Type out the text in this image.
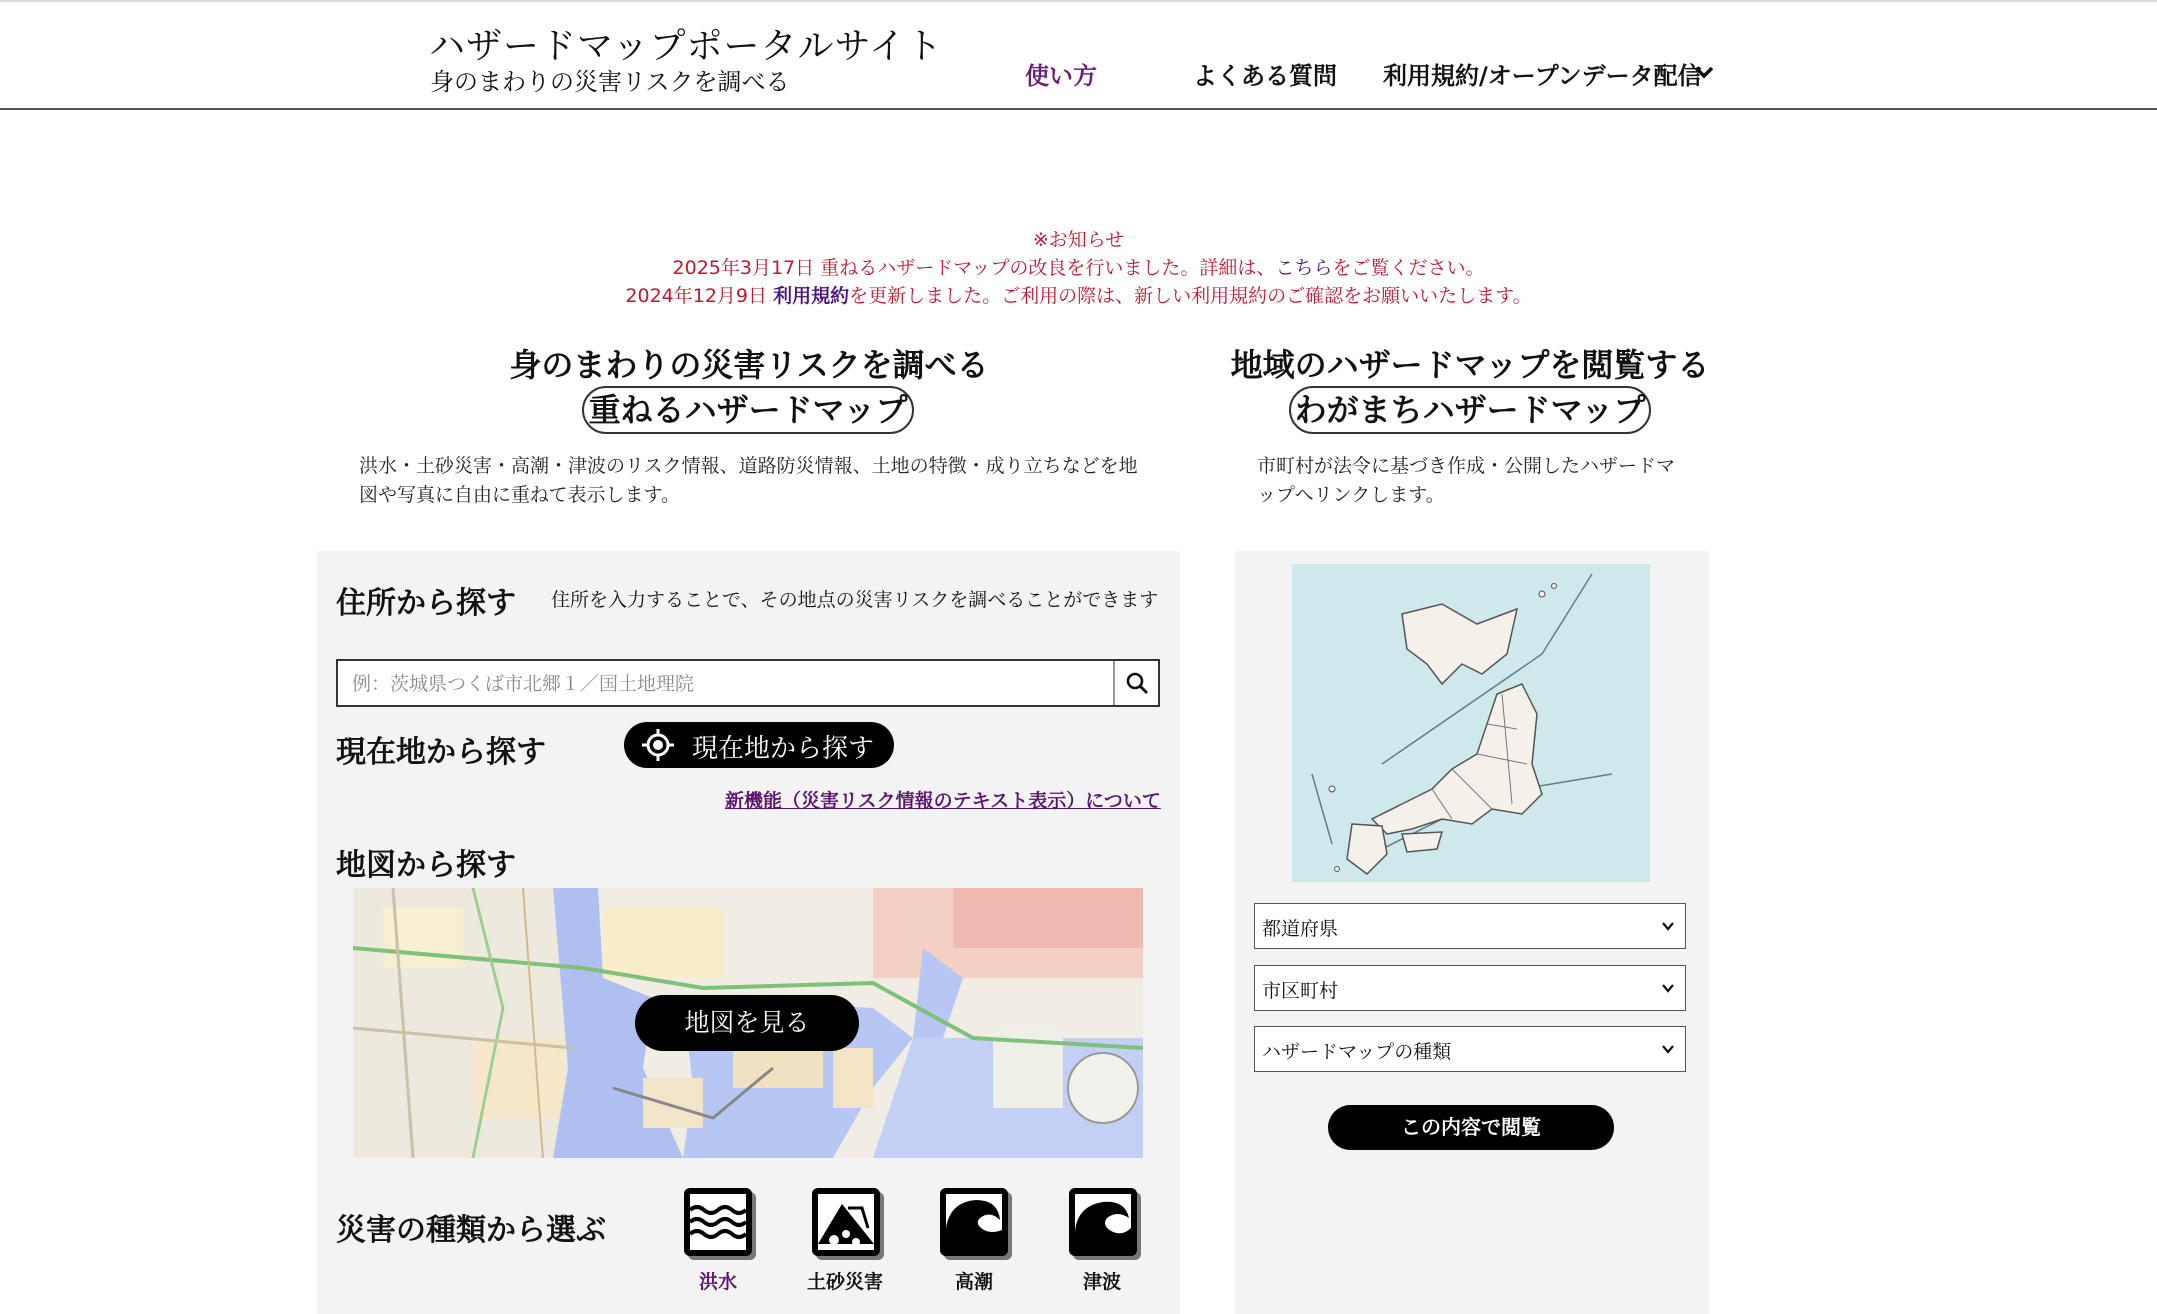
ハザードマップポータルサイト
身のまわりの災害リスクを調べる	使い方	よくある質問 利用規約/オープンデータ配信
※お知らせ
2025年3月17日 重ねるハザードマップの改良を行いました。詳細は、こちらをご覧ください。
2024年12月9日 利用規約を更新しました。ご利用の際は、新しい利用規約のご確認をお願いいたします。
身のまわりの災害リスクを調べる
重ねるハザードマップ
洪水・土砂災害・高潮・津波のリスク情報、道路防災情報、土地の特徴・成り立ちなどを地図や写真に自由に重ねて表示します。
地域のハザードマップを閲覧する
わがまちハザードマップ
市町村が法令に基づき作成・公開したハザードマップへリンクします。
住所から探す 住所を入力することで、その地点の災害リスクを調べることができます
例：茨城県つくば市北郷１／国土地理院
現在地から探す	現在地から探す
新機能（災害リスク情報のテキスト表示）について
地図から探す
地図を見る
災害の種類から選ぶ
洪水	土砂災害	高潮	津波
都道府県
市区町村
ハザードマップの種類
この内容で閲覧
